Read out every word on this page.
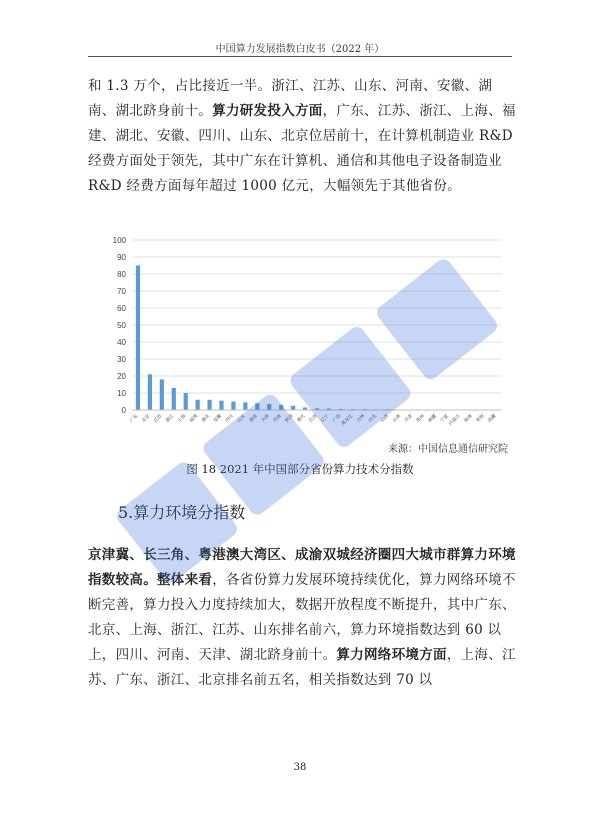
中国算力发展指数白皮书（2022 年）
和 1.3 万个，占比接近一半。浙江、江苏、山东、河南、安徽、湖南、湖北跻身前十。算力研发投入方面，广东、江苏、浙江、上海、福建、湖北、安徽、四川、山东、北京位居前十，在计算机制造业 R&D 经费方面处于领先，其中广东在计算机、通信和其他电子设备制造业 R&D 经费方面每年超过 1000 亿元，大幅领先于其他省份。
0
10
20
30
40
50
60
70
80
90
100
广东 北京 江苏 浙江 上海 福建 湖北 安徽 四川 山东 湖南 天津 河南 陕西 重庆 江西 辽宁 广西
黑龙江 吉林 河北 山西 云南 甘肃 贵州 新疆 宁夏
内蒙古 海南 青海 西藏
来源：中国信息通信研究院
图 18 2021 年中国部分省份算力技术分指数
5.算力环境分指数
京津冀、长三角、粤港澳大湾区、成渝双城经济圈四大城市群算力环境指数较高。整体来看，各省份算力发展环境持续优化，算力网络环境不断完善，算力投入力度持续加大，数据开放程度不断提升，其中广东、北京、上海、浙江、江苏、山东排名前六，算力环境指数达到 60 以上，四川、河南、天津、湖北跻身前十。算力网络环境方面，上海、江苏、广东、浙江、北京排名前五名，相关指数达到 70 以
38
